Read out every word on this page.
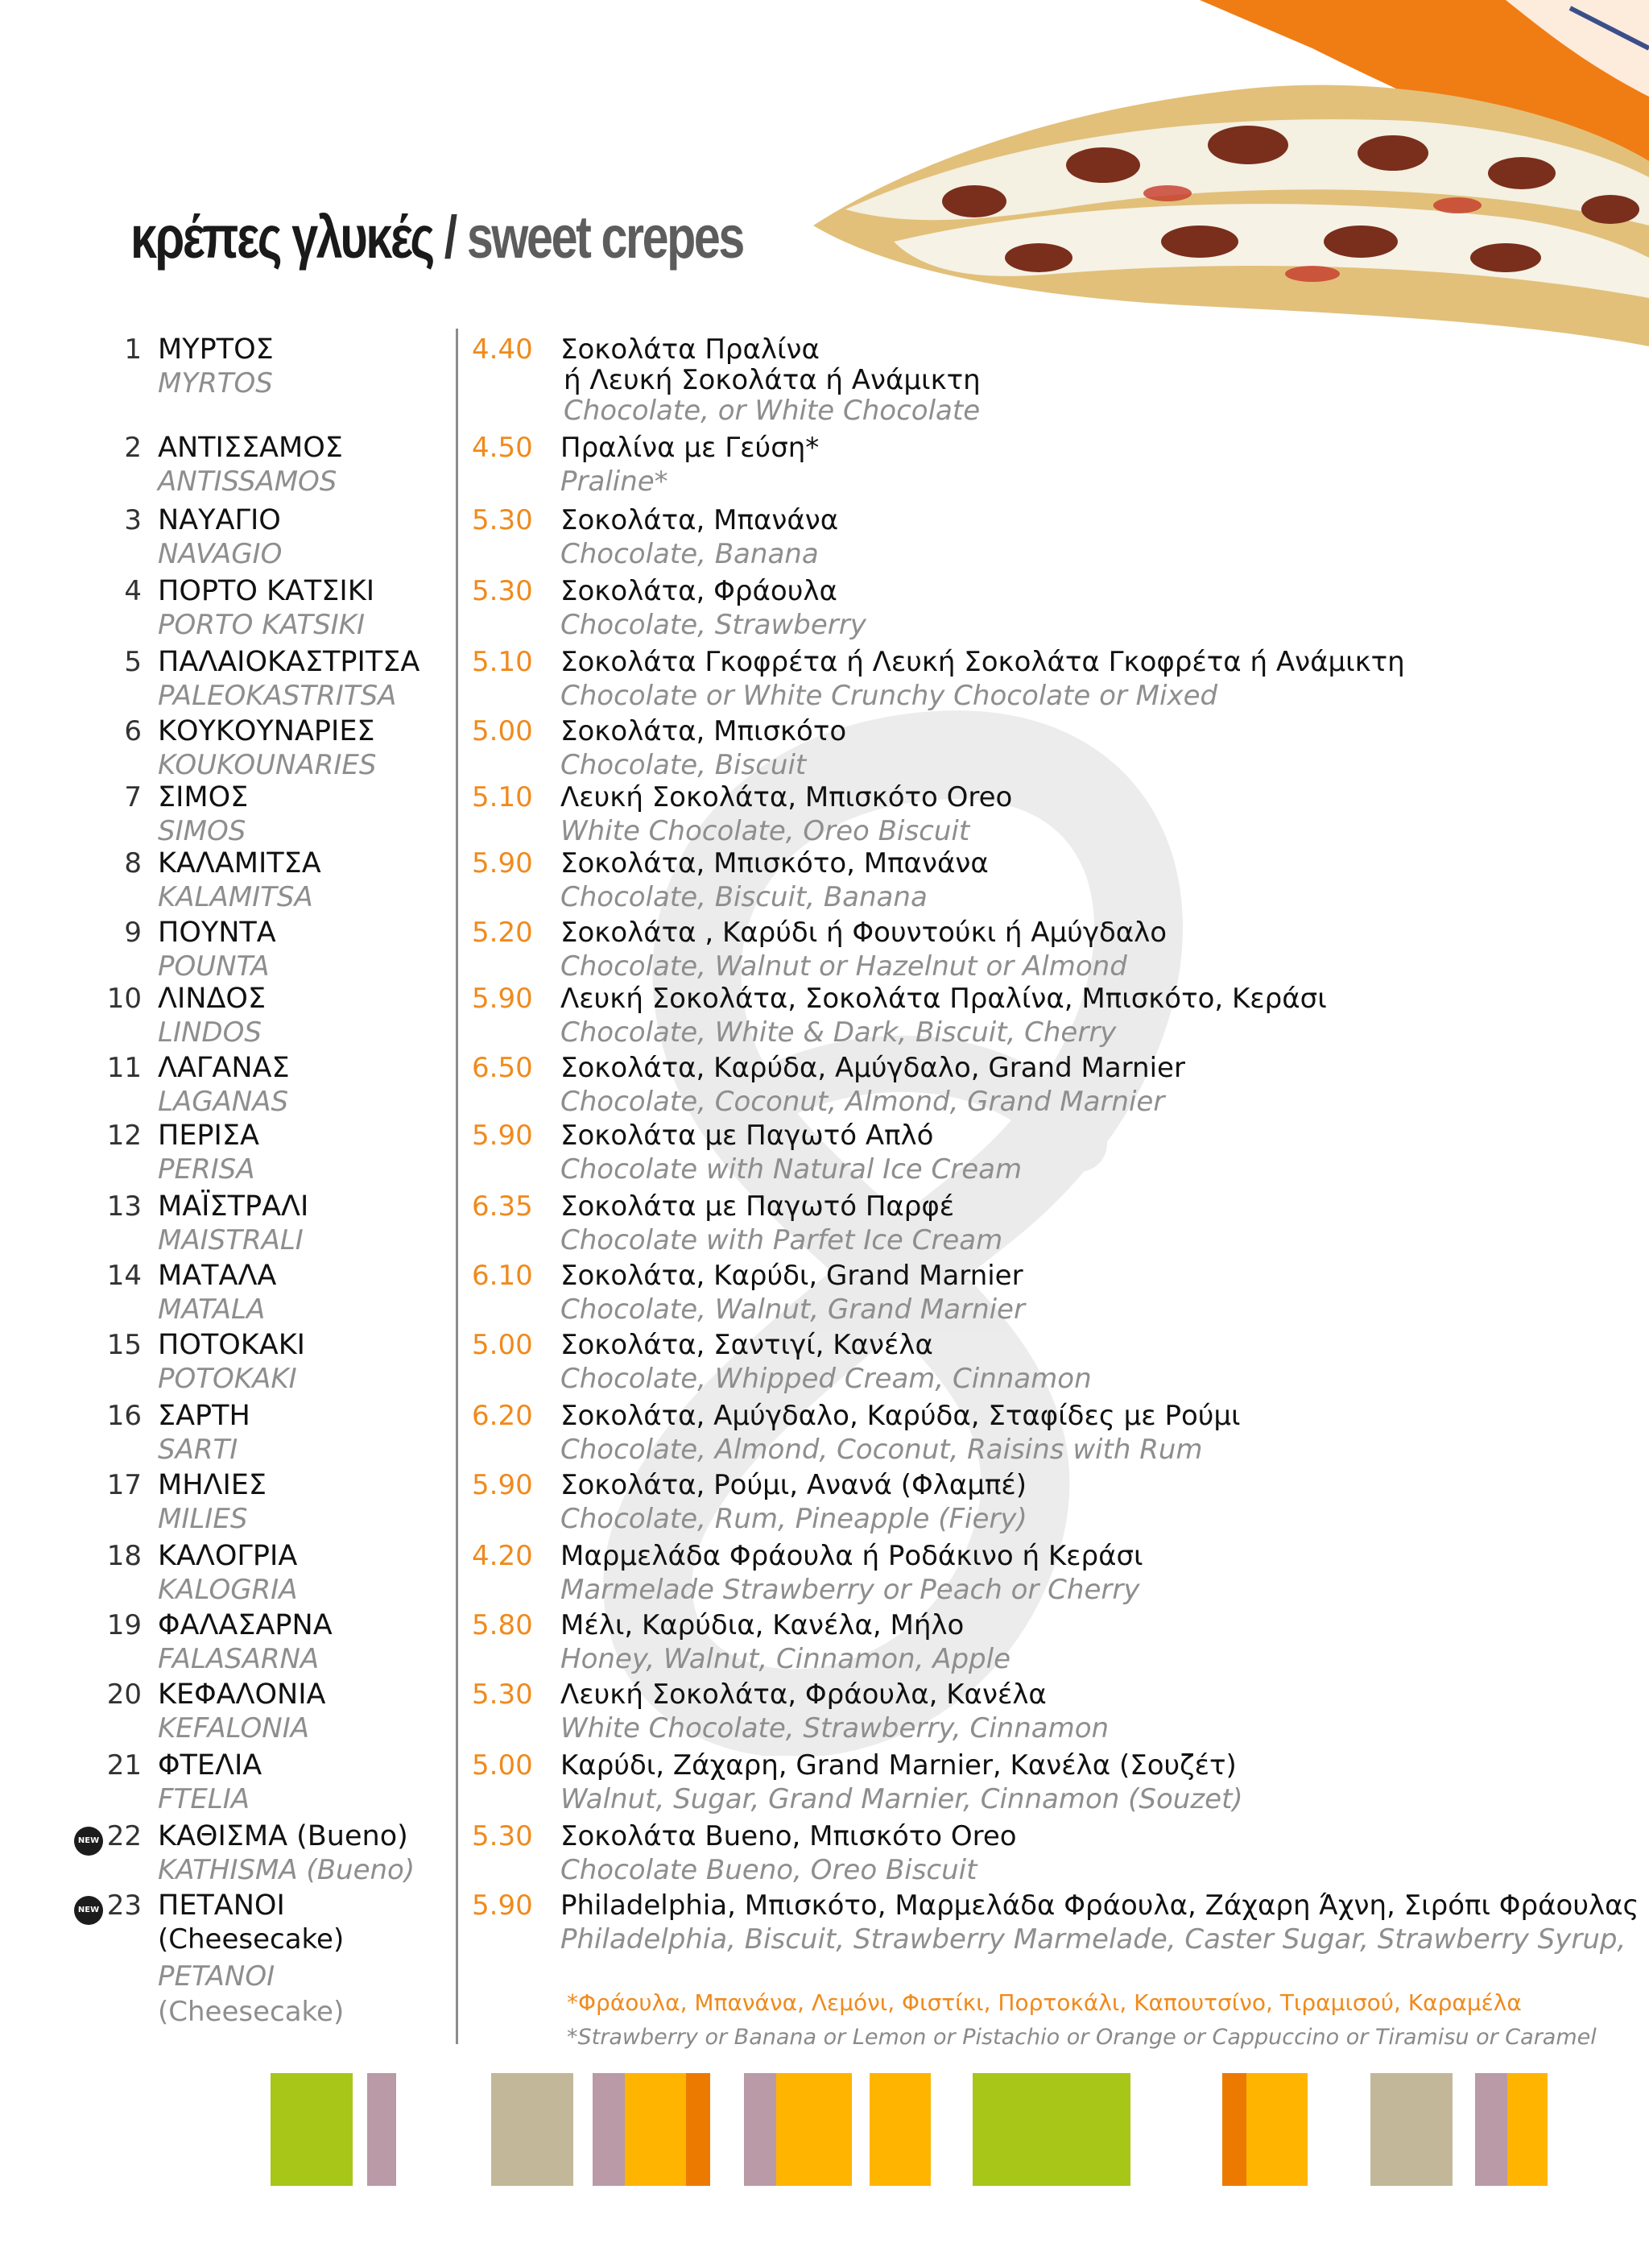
κρέπες γλυκές / sweet crepes
1 ΜΥΡΤΟΣ
MYRTOS
4.40 Σοκολάτα Πραλίνα
2 ΑΝΤΙΣΣΑΜΟΣ
ANTISSAMOS
4.50 Πραλίνα με Γεύση*
Praline*
3 ΝΑΥΑΓΙΟ
NAVAGIO
5.30 Σοκολάτα, Μπανάνα
Chocolate, Banana
4 ΠΟΡΤΟ ΚΑΤΣΙΚΙ
PORTO KATSIKI
5.30 Σοκολάτα, Φράουλα
Chocolate, Strawberry
5 ΠΑΛΑΙΟΚΑΣΤΡΙΤΣΑ
PALEOKASTRITSA
5.10 Σοκολάτα Γκοφρέτα ή Λευκή Σοκολάτα Γκοφρέτα ή Ανάμικτη
Chocolate or White Crunchy Chocolate or Mixed
6 ΚΟΥΚΟΥΝΑΡΙΕΣ
KOUKOUNARIES
5.00 Σοκολάτα, Μπισκότο
Chocolate, Biscuit
7 ΣΙΜΟΣ
SIMOS
5.10 Λευκή Σοκολάτα, Μπισκότο Oreo
White Chocolate, Oreo Biscuit
8 ΚΑΛΑΜΙΤΣΑ
KALAMITSA
5.90 Σοκολάτα, Μπισκότο, Μπανάνα
Chocolate, Biscuit, Banana
9 ΠΟΥΝΤΑ
POUNTA
5.20 Σοκολάτα , Καρύδι ή Φουντούκι ή Αμύγδαλο
Chocolate, Walnut or Hazelnut or Almond
10 ΛΙΝΔΟΣ
LINDOS
5.90 Λευκή Σοκολάτα, Σοκολάτα Πραλίνα, Μπισκότο, Κεράσι
Chocolate, White & Dark, Biscuit, Cherry
11 ΛΑΓΑΝΑΣ
LAGANAS
6.50 Σοκολάτα, Καρύδα, Αμύγδαλο, Grand Marnier
Chocolate, Coconut, Almond, Grand Marnier
12 ΠΕΡΙΣΑ
PERISA
5.90 Σοκολάτα με Παγωτό Απλό
Chocolate with Natural Ice Cream
13 ΜΑΪΣΤΡΑΛΙ
MAISTRALI
6.35 Σοκολάτα με Παγωτό Παρφέ
Chocolate with Parfet Ice Cream
14 ΜΑΤΑΛΑ
MATALA
6.10 Σοκολάτα, Καρύδι, Grand Marnier
Chocolate, Walnut, Grand Marnier
15 ΠΟΤΟΚΑΚΙ
POTOKAKI
5.00 Σοκολάτα, Σαντιγί, Κανέλα
Chocolate, Whipped Cream, Cinnamon
16 ΣΑΡΤΗ
SARTI
6.20 Σοκολάτα, Αμύγδαλο, Καρύδα, Σταφίδες με Ρούμι
Chocolate, Almond, Coconut, Raisins with Rum
17 ΜΗΛΙΕΣ
MILIES
5.90 Σοκολάτα, Ρούμι, Ανανά (Φλαμπέ)
Chocolate, Rum, Pineapple (Fiery)
18 ΚΑΛΟΓΡΙΑ
KALOGRIA
4.20 Μαρμελάδα Φράουλα ή Ροδάκινο ή Κεράσι
Marmelade Strawberry or Peach or Cherry
19 ΦΑΛΑΣΑΡΝΑ
FALASARNA
5.80 Μέλι, Καρύδια, Κανέλα, Μήλο
Honey, Walnut, Cinnamon, Apple
20 ΚΕΦΑΛΟΝΙΑ
KEFALONIA
5.30 Λευκή Σοκολάτα, Φράουλα, Κανέλα
White Chocolate, Strawberry, Cinnamon
21 ΦΤΕΛΙΑ
FTELIA
5.00 Καρύδι, Ζάχαρη, Grand Marnier, Κανέλα (Σουζέτ)
Walnut, Sugar, Grand Marnier, Cinnamon (Souzet)
NEW 22 ΚΑΘΙΣΜΑ (Bueno)
KATHISMA (Bueno)
5.30 Σοκολάτα Bueno, Μπισκότο Oreo
Chocolate Bueno, Oreo Biscuit
NEW 23 ΠΕΤΑΝΟΙ
(Cheesecake)
5.90 Philadelphia, Μπισκότο, Μαρμελάδα Φράουλα, Ζάχαρη Άχνη, Σιρόπι Φράουλας
Philadelphia, Biscuit, Strawberry Marmelade, Caster Sugar, Strawberry Syrup,
ή Λευκή Σοκολάτα ή Ανάμικτη
Chocolate, or White Chocolate
PETANOI
(Cheesecake)	*Φράουλα, Μπανάνα, Λεμόνι, Φιστίκι, Πορτοκάλι, Καπουτσίνο, Τιραμισού, Καραμέλα
*Strawberry or Banana or Lemon or Pistachio or Orange or Cappuccino or Tiramisu or Caramel
